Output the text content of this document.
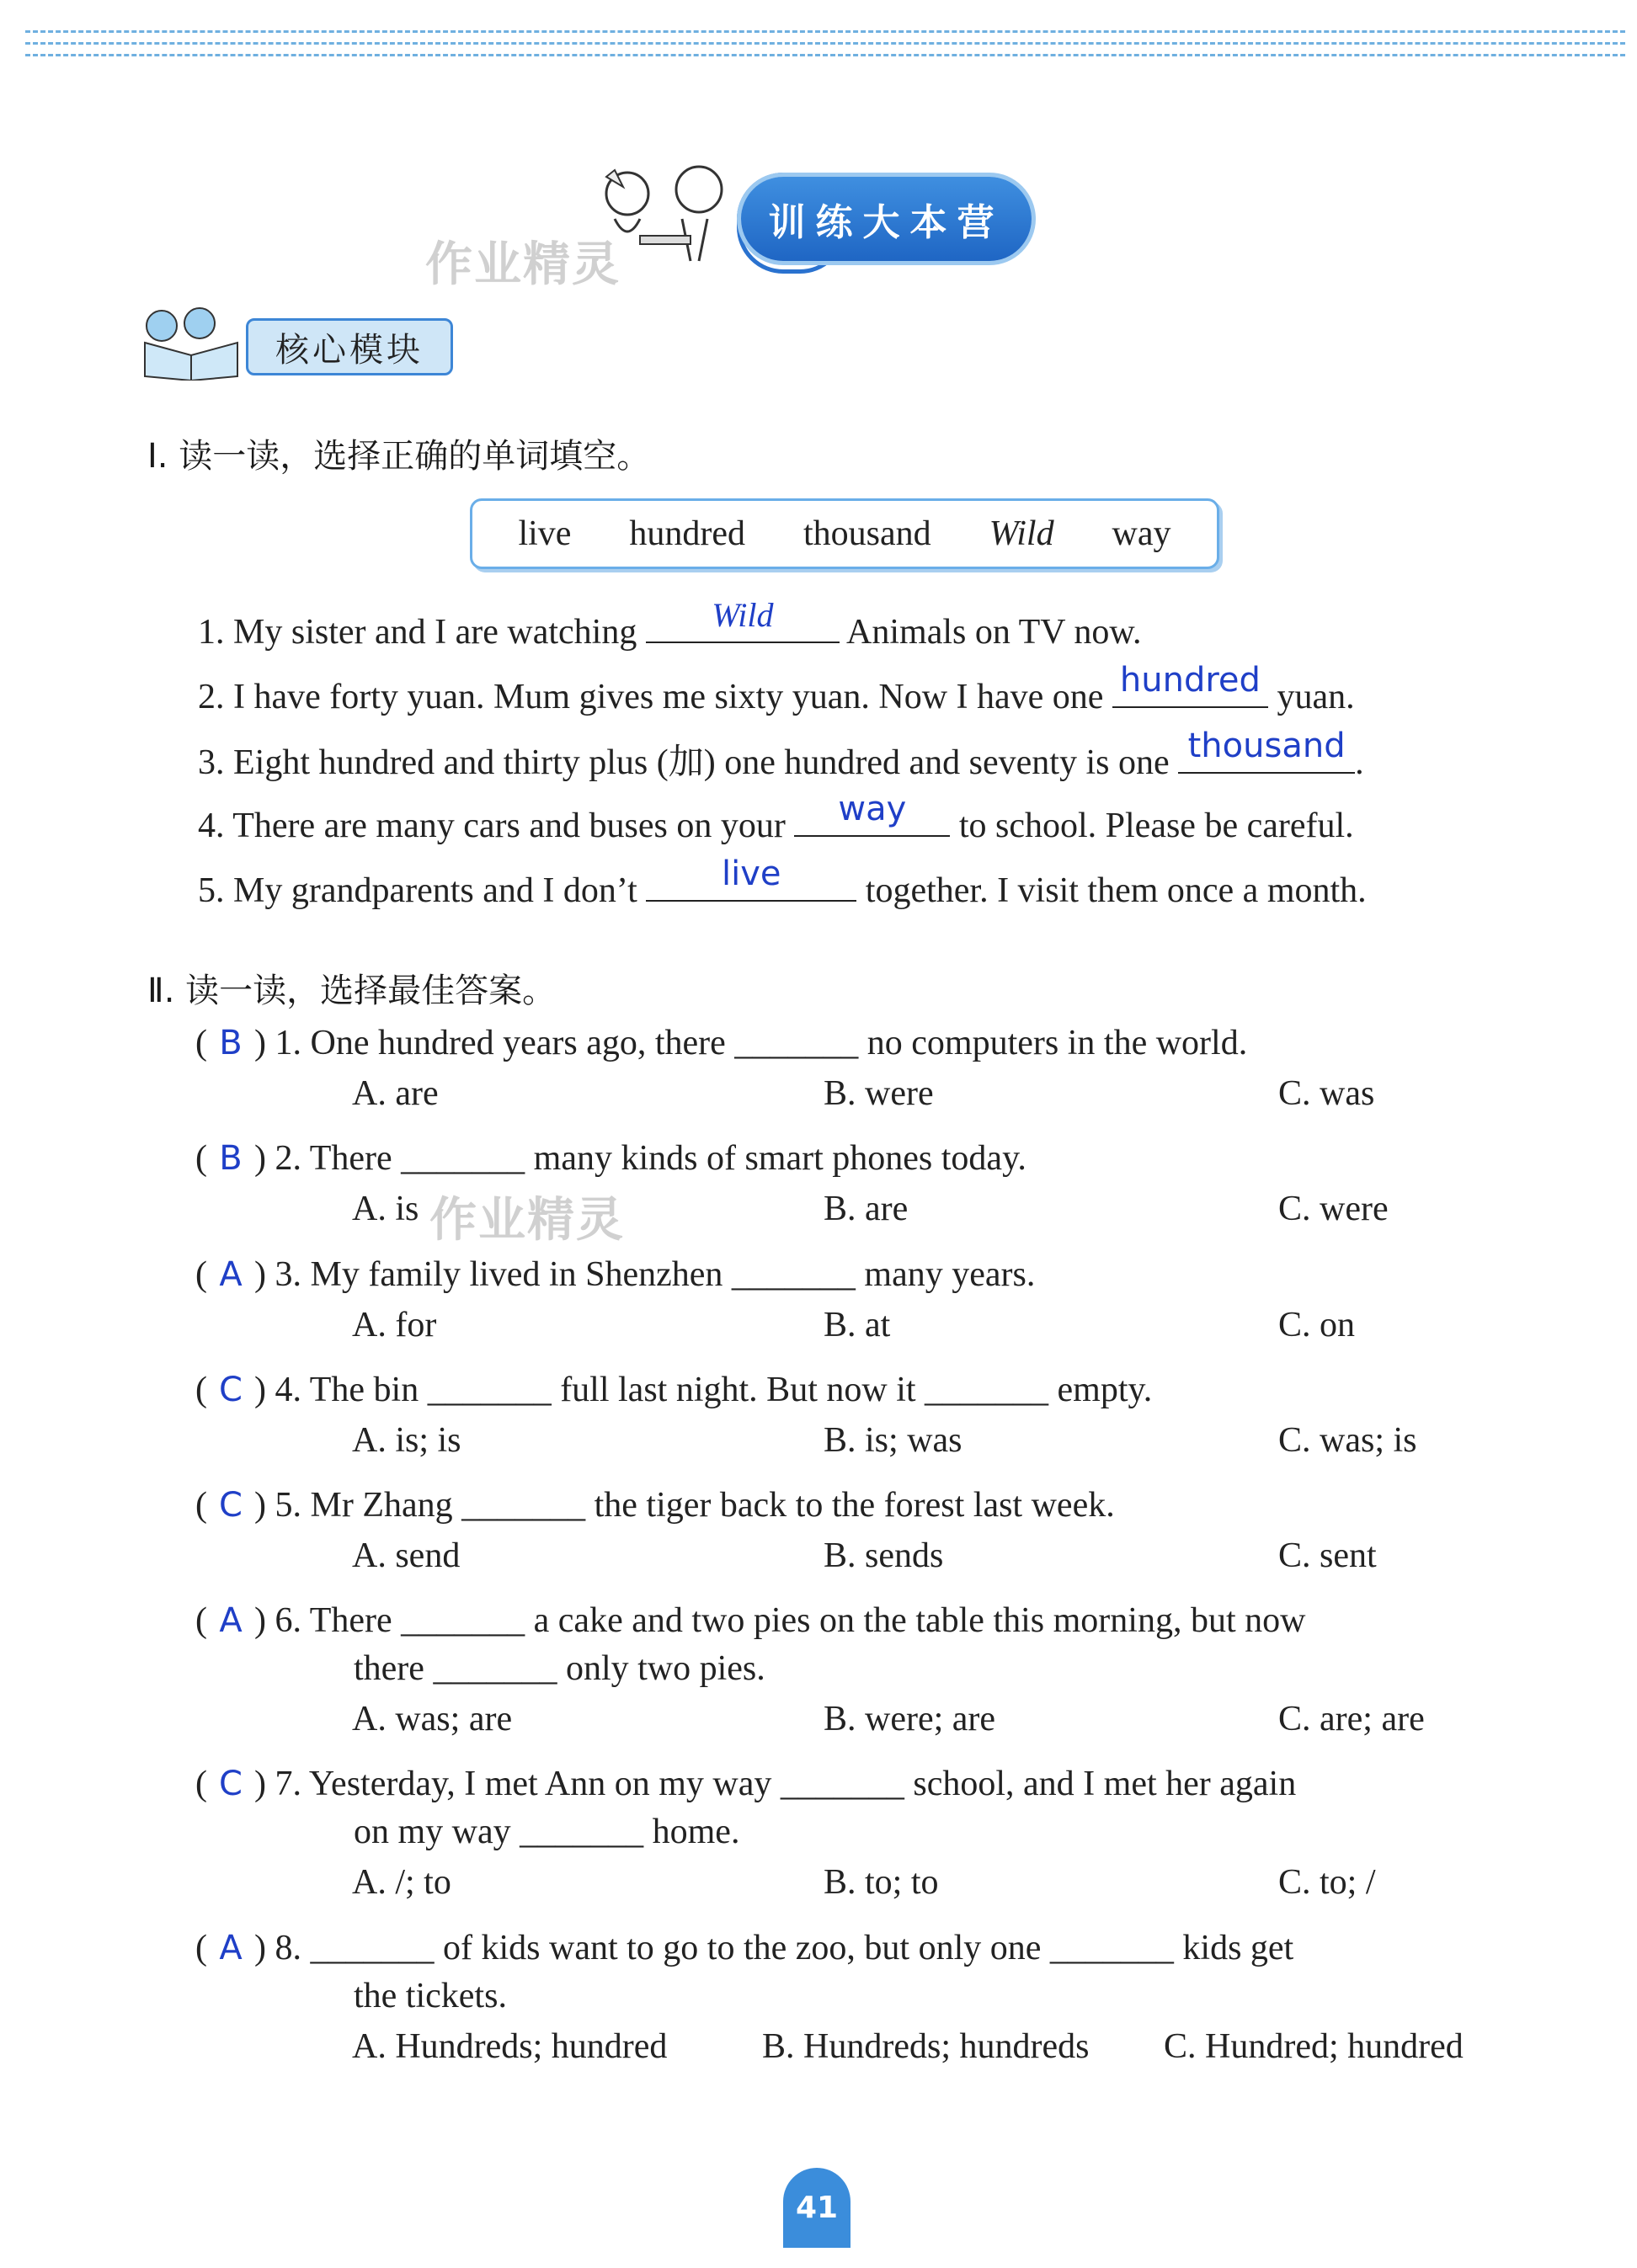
训练大本营
作业精灵
核心模块
Ⅰ. 读一读，选择正确的单词填空。
live hundred thousand Wild way
1. My sister and I are watching	Wild	Animals on TV now.
2. I have forty yuan. Mum gives me sixty yuan. Now I have one hundred yuan.
3. Eight hundred and thirty plus (加) one hundred and seventy is one thousand .
4. There are many cars and buses on your	way	to school. Please be careful.
5. My grandparents and I don’t	live	together. I visit them once a month.
Ⅱ. 读一读，选择最佳答案。
( B ) 1. One hundred years ago, there _______ no computers in the world.
A. are	B. were	C. was
( B ) 2. There _______ many kinds of smart phones today.
A. is	B. are	C. were
作业精灵
( A ) 3. My family lived in Shenzhen _______ many years.
A. for	B. at	C. on
( C ) 4. The bin _______ full last night. But now it _______ empty.
A. is; is	B. is; was	C. was; is
( C ) 5. Mr Zhang _______ the tiger back to the forest last week.
A. send	B. sends	C. sent
( A ) 6. There _______ a cake and two pies on the table this morning, but now
there _______ only two pies.
A. was; are	B. were; are	C. are; are
( C ) 7. Yesterday, I met Ann on my way _______ school, and I met her again
on my way _______ home.
A. /; to	B. to; to	C. to; /
( A ) 8. _______ of kids want to go to the zoo, but only one _______ kids get
the tickets.
A. Hundreds; hundred	B. Hundreds; hundreds C. Hundred; hundred
41
